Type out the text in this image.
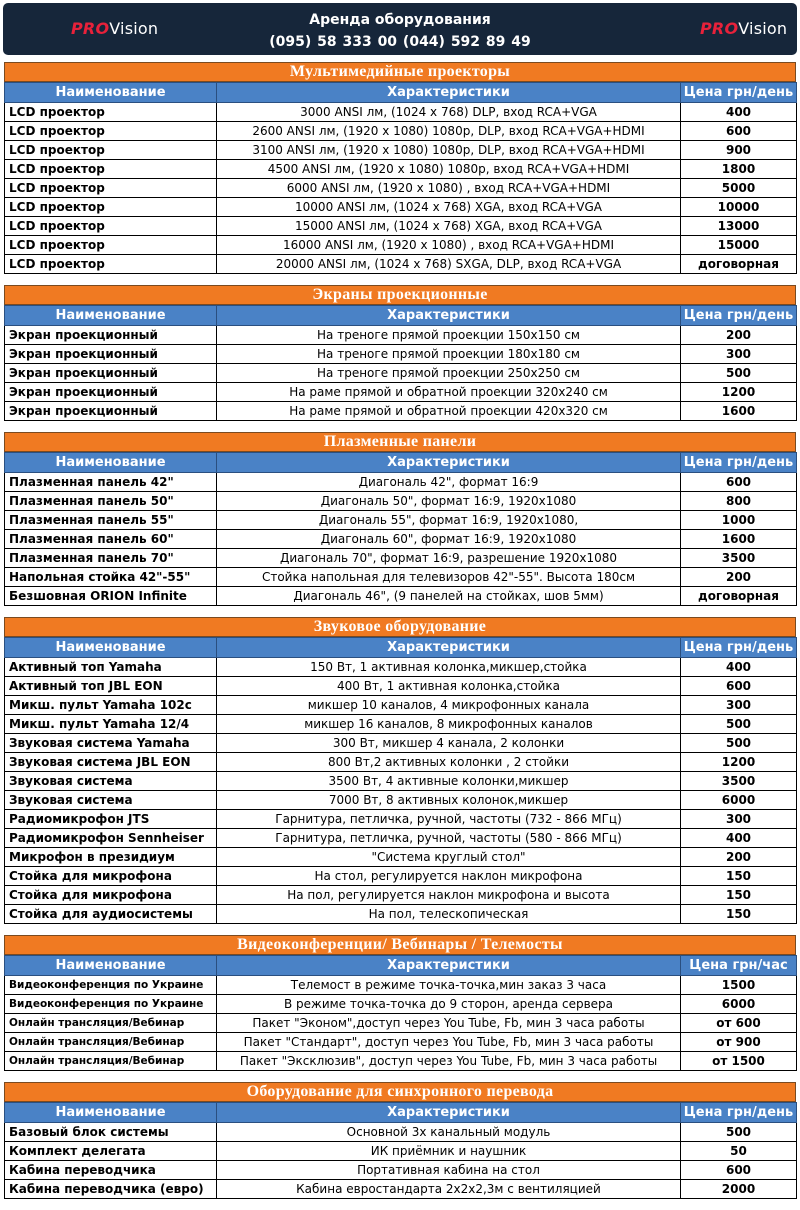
PROVision	Аренда оборудования
(095) 58 333 00 (044) 592 89 49
PROVision
Мультимедийные проекторы
Наименование	Характеристики	Цена грн/день
LCD проектор	3000 ANSI лм, (1024 x 768) DLP, вход RCA+VGA	400
LCD проектор	2600 ANSI лм, (1920 x 1080) 1080p, DLP, вход RCA+VGA+HDMI	600
LCD проектор	3100 ANSI лм, (1920 x 1080) 1080p, DLP, вход RCA+VGA+HDMI	900
LCD проектор	4500 ANSI лм, (1920 x 1080) 1080p, вход RCA+VGA+HDMI	1800
LCD проектор	6000 ANSI лм, (1920 x 1080) , вход RCA+VGA+HDMI	5000
LCD проектор	10000 ANSI лм, (1024 x 768) XGA, вход RCA+VGA	10000
LCD проектор	15000 ANSI лм, (1024 x 768) XGA, вход RCA+VGA	13000
LCD проектор	16000 ANSI лм, (1920 x 1080) , вход RCA+VGA+HDMI	15000
LCD проектор	20000 ANSI лм, (1024 x 768) SXGA, DLP, вход RCA+VGA	договорная
Экраны проекционные
Наименование	Характеристики	Цена грн/день
Экран проекционный	На треноге прямой проекции 150x150 см	200
Экран проекционный	На треноге прямой проекции 180x180 см	300
Экран проекционный	На треноге прямой проекции 250x250 см	500
Экран проекционный	На раме прямой и обратной проекции 320x240 см	1200
Экран проекционный	На раме прямой и обратной проекции 420x320 см	1600
Плазменные панели
Наименование	Характеристики	Цена грн/день
Плазменная панель 42"	Диагональ 42", формат 16:9	600
Плазменная панель 50"	Диагональ 50", формат 16:9, 1920x1080	800
Плазменная панель 55"	Диагональ 55", формат 16:9, 1920x1080,	1000
Плазменная панель 60"	Диагональ 60", формат 16:9, 1920x1080	1600
Плазменная панель 70"	Диагональ 70", формат 16:9, разрешение 1920x1080	3500
Напольная стойка 42"-55"	Стойка напольная для телевизоров 42"-55". Высота 180см	200
Безшовная ORION Infinite	Диагональ 46", (9 панелей на стойках, шов 5мм)	договорная
Звуковое оборудование
Наименование	Характеристики	Цена грн/день
Активный топ Yamaha	150 Вт, 1 активная колонка,микшер,стойка	400
Активный топ JBL EON	400 Вт, 1 активная колонка,стойка	600
Микш. пульт Yamaha 102c	микшер 10 каналов, 4 микрофонных канала	300
Микш. пульт Yamaha 12/4	микшер 16 каналов, 8 микрофонных каналов	500
Звуковая система Yamaha	300 Вт, микшер 4 канала, 2 колонки	500
Звуковая система JBL EON	800 Вт,2 активных колонки , 2 стойки	1200
Звуковая система	3500 Вт, 4 активные колонки,микшер	3500
Звуковая система	7000 Вт, 8 активных колонок,микшер	6000
Радиомикрофон JTS	Гарнитура, петличка, ручной, частоты (732 - 866 МГц)	300
Радиомикрофон Sennheiser	Гарнитура, петличка, ручной, частоты (580 - 866 МГц)	400
Микрофон в президиум	"Система круглый стол"	200
Стойка для микрофона	На стол, регулируется наклон микрофона	150
Стойка для микрофона	На пол, регулируется наклон микрофона и высота	150
Стойка для аудиосистемы	На пол, телескопическая	150
Видеоконференции/ Вебинары / Телемосты
Наименование	Характеристики	Цена грн/час
Видеоконференция по Украине	Телемост в режиме точка-точка,мин заказ 3 часа	1500
Видеоконференция по Украине	В режиме точка-точка до 9 сторон, аренда сервера	6000
Онлайн трансляция/Вебинар	Пакет "Эконом",доступ через You Tube, Fb, мин 3 часа работы	от 600
Онлайн трансляция/Вебинар	Пакет "Стандарт", доступ через You Tube, Fb, мин 3 часа работы	от 900
Онлайн трансляция/Вебинар	Пакет "Эксклюзив", доступ через You Tube, Fb, мин 3 часа работы	от 1500
Оборудование для синхронного перевода
Наименование	Характеристики	Цена грн/день
Базовый блок системы	Основной 3х канальный модуль	500
Комплект делегата	ИК приёмник и наушник	50
Кабина переводчика	Портативная кабина на стол	600
Кабина переводчика (евро)	Кабина евростандарта 2х2х2,3м с вентиляцией	2000
